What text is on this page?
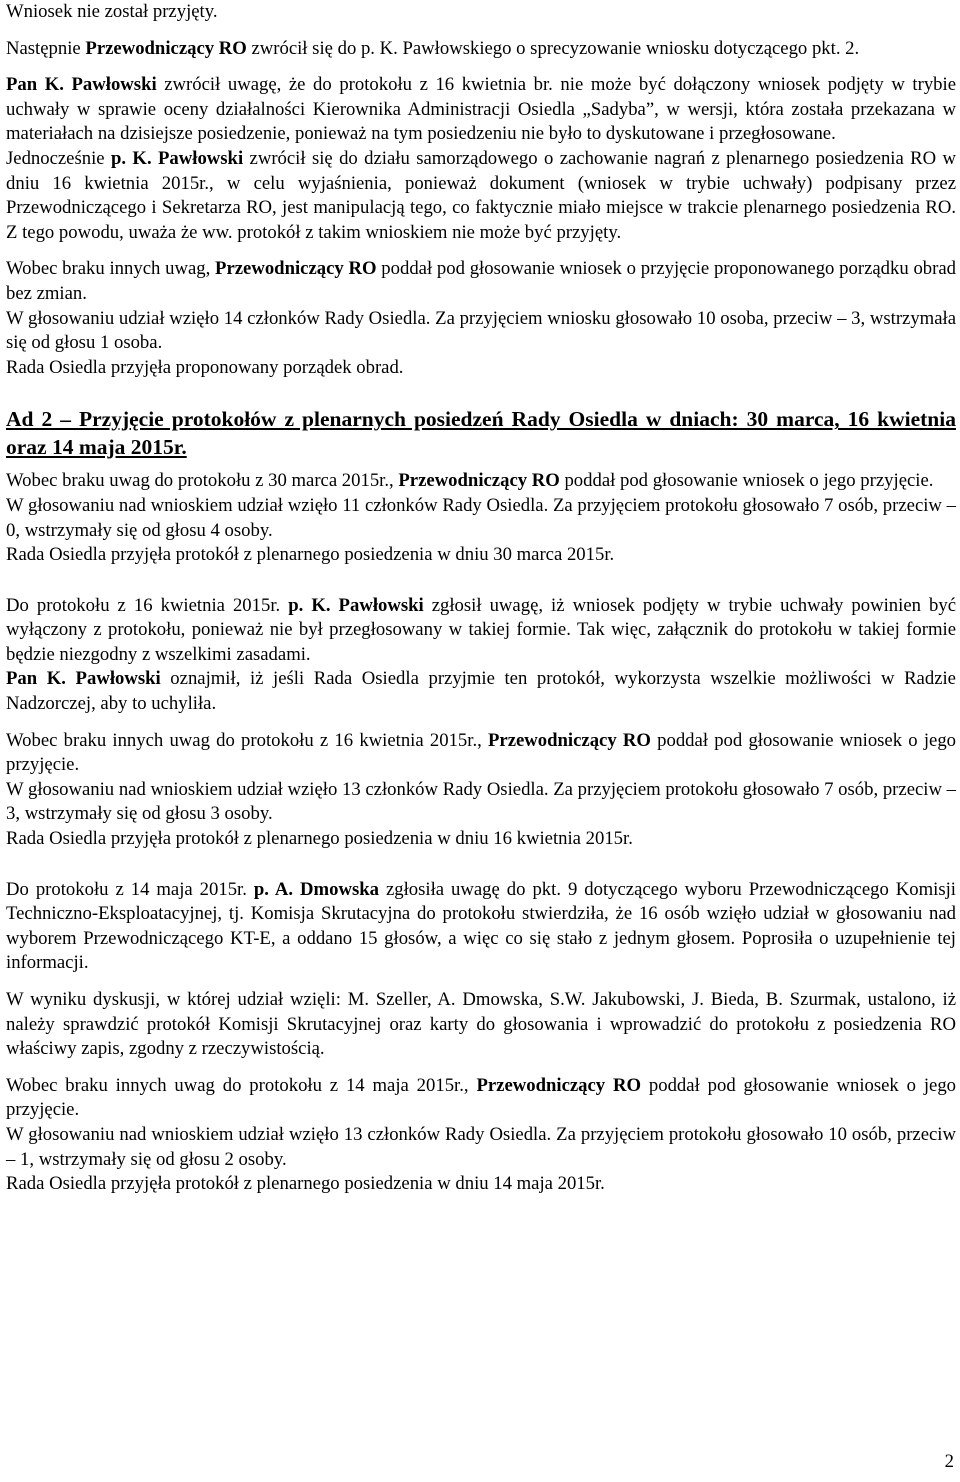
Wniosek nie został przyjęty.

Następnie Przewodniczący RO zwrócił się do p. K. Pawłowskiego o sprecyzowanie wniosku dotyczącego pkt. 2.

Pan K. Pawłowski zwrócił uwagę, że do protokołu z 16 kwietnia br. nie może być dołączony wniosek podjęty w trybie uchwały w sprawie oceny działalności Kierownika Administracji Osiedla „Sadyba”, w wersji, która została przekazana w materiałach na dzisiejsze posiedzenie, ponieważ na tym posiedzeniu nie było to dyskutowane i przegłosowane.

Jednocześnie p. K. Pawłowski zwrócił się do działu samorządowego o zachowanie nagrań z plenarnego posiedzenia RO w dniu 16 kwietnia 2015r., w celu wyjaśnienia, ponieważ dokument (wniosek w trybie uchwały) podpisany przez Przewodniczącego i Sekretarza RO, jest manipulacją tego, co faktycznie miało miejsce w trakcie plenarnego posiedzenia RO. Z tego powodu, uważa że ww. protokół z takim wnioskiem nie może być przyjęty.

Wobec braku innych uwag, Przewodniczący RO poddał pod głosowanie wniosek o przyjęcie proponowanego porządku obrad bez zmian.

W głosowaniu udział wzięło 14 członków Rady Osiedla. Za przyjęciem wniosku głosowało 10 osoba, przeciw – 3, wstrzymała się od głosu 1 osoba.

Rada Osiedla przyjęła proponowany porządek obrad.

Ad 2 – Przyjęcie protokołów z plenarnych posiedzeń Rady Osiedla w dniach: 30 marca, 16 kwietnia oraz 14 maja 2015r.

Wobec braku uwag do protokołu z 30 marca 2015r., Przewodniczący RO poddał pod głosowanie wniosek o jego przyjęcie.

W głosowaniu nad wnioskiem udział wzięło 11 członków Rady Osiedla. Za przyjęciem protokołu głosowało 7 osób, przeciw – 0, wstrzymały się od głosu 4 osoby.

Rada Osiedla przyjęła protokół z plenarnego posiedzenia w dniu 30 marca 2015r.

Do protokołu z 16 kwietnia 2015r. p. K. Pawłowski zgłosił uwagę, iż wniosek podjęty w trybie uchwały powinien być wyłączony z protokołu, ponieważ nie był przegłosowany w takiej formie. Tak więc, załącznik do protokołu w takiej formie będzie niezgodny z wszelkimi zasadami.

Pan K. Pawłowski oznajmił, iż jeśli Rada Osiedla przyjmie ten protokół, wykorzysta wszelkie możliwości w Radzie Nadzorczej, aby to uchyliła.

Wobec braku innych uwag do protokołu z 16 kwietnia 2015r., Przewodniczący RO poddał pod głosowanie wniosek o jego przyjęcie.

W głosowaniu nad wnioskiem udział wzięło 13 członków Rady Osiedla. Za przyjęciem protokołu głosowało 7 osób, przeciw – 3, wstrzymały się od głosu 3 osoby.

Rada Osiedla przyjęła protokół z plenarnego posiedzenia w dniu 16 kwietnia 2015r.

Do protokołu z 14 maja 2015r. p. A. Dmowska zgłosiła uwagę do pkt. 9 dotyczącego wyboru Przewodniczącego Komisji Techniczno-Eksploatacyjnej, tj. Komisja Skrutacyjna do protokołu stwierdziła, że 16 osób wzięło udział w głosowaniu nad wyborem Przewodniczącego KT-E, a oddano 15 głosów, a więc co się stało z jednym głosem. Poprosiła o uzupełnienie tej informacji.

W wyniku dyskusji, w której udział wzięli: M. Szeller, A. Dmowska, S.W. Jakubowski, J. Bieda, B. Szurmak, ustalono, iż należy sprawdzić protokół Komisji Skrutacyjnej oraz karty do głosowania i wprowadzić do protokołu z posiedzenia RO właściwy zapis, zgodny z rzeczywistością.

Wobec braku innych uwag do protokołu z 14 maja 2015r., Przewodniczący RO poddał pod głosowanie wniosek o jego przyjęcie.

W głosowaniu nad wnioskiem udział wzięło 13 członków Rady Osiedla. Za przyjęciem protokołu głosowało 10 osób, przeciw – 1, wstrzymały się od głosu 2 osoby.

Rada Osiedla przyjęła protokół z plenarnego posiedzenia w dniu 14 maja 2015r.

2
